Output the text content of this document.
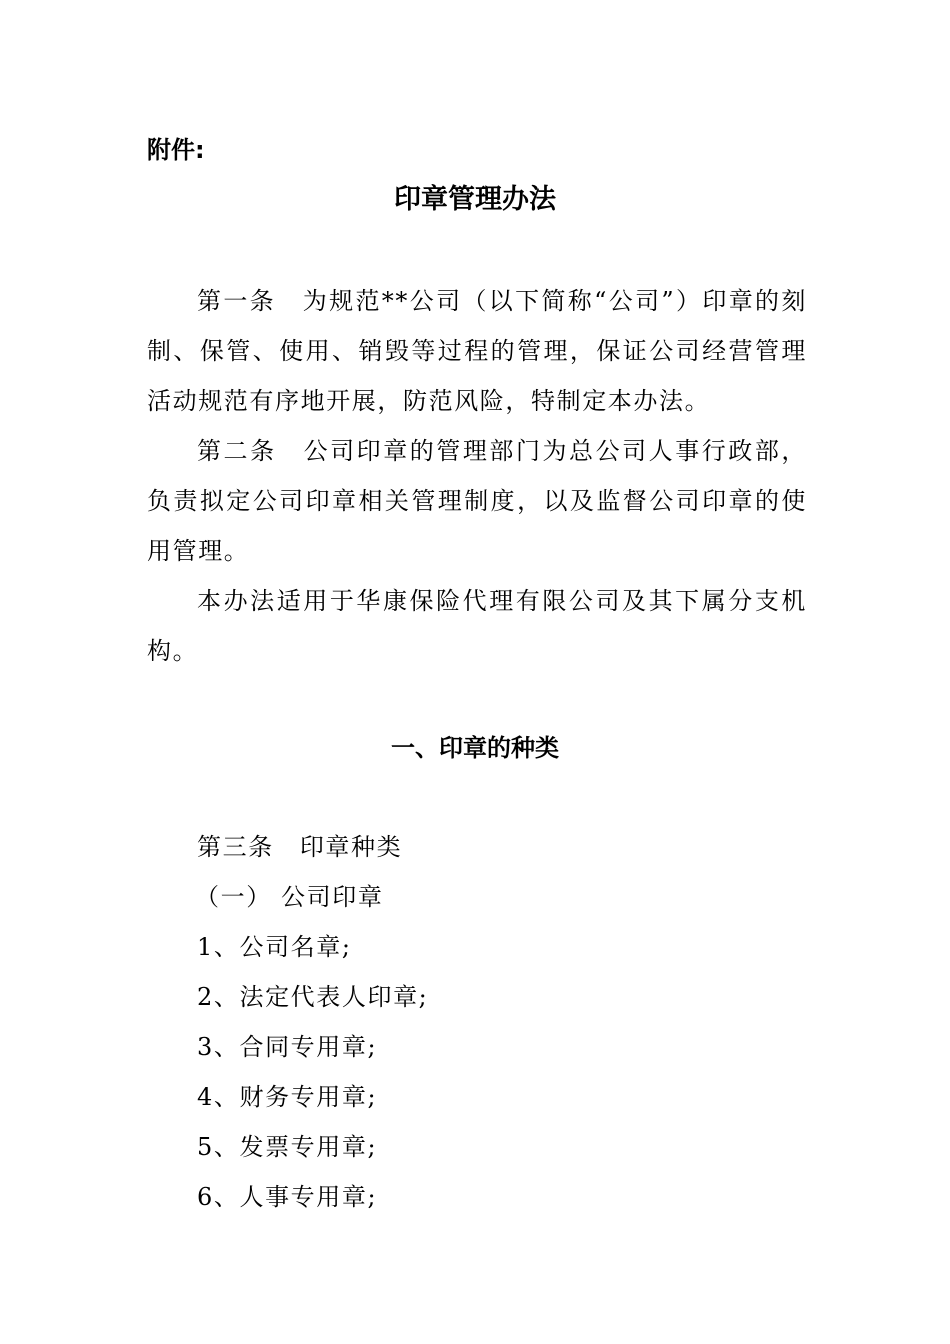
附件:

印章管理办法

第一条 为规范**公司（以下简称“公司”）印章的刻制、保管、使用、销毁等过程的管理，保证公司经营管理活动规范有序地开展，防范风险，特制定本办法。

第二条 公司印章的管理部门为总公司人事行政部，负责拟定公司印章相关管理制度，以及监督公司印章的使用管理。

本办法适用于华康保险代理有限公司及其下属分支机构。

一、印章的种类

第三条 印章种类

（一） 公司印章

1、公司名章;

2、法定代表人印章;

3、合同专用章;

4、财务专用章;

5、发票专用章;

6、人事专用章;
